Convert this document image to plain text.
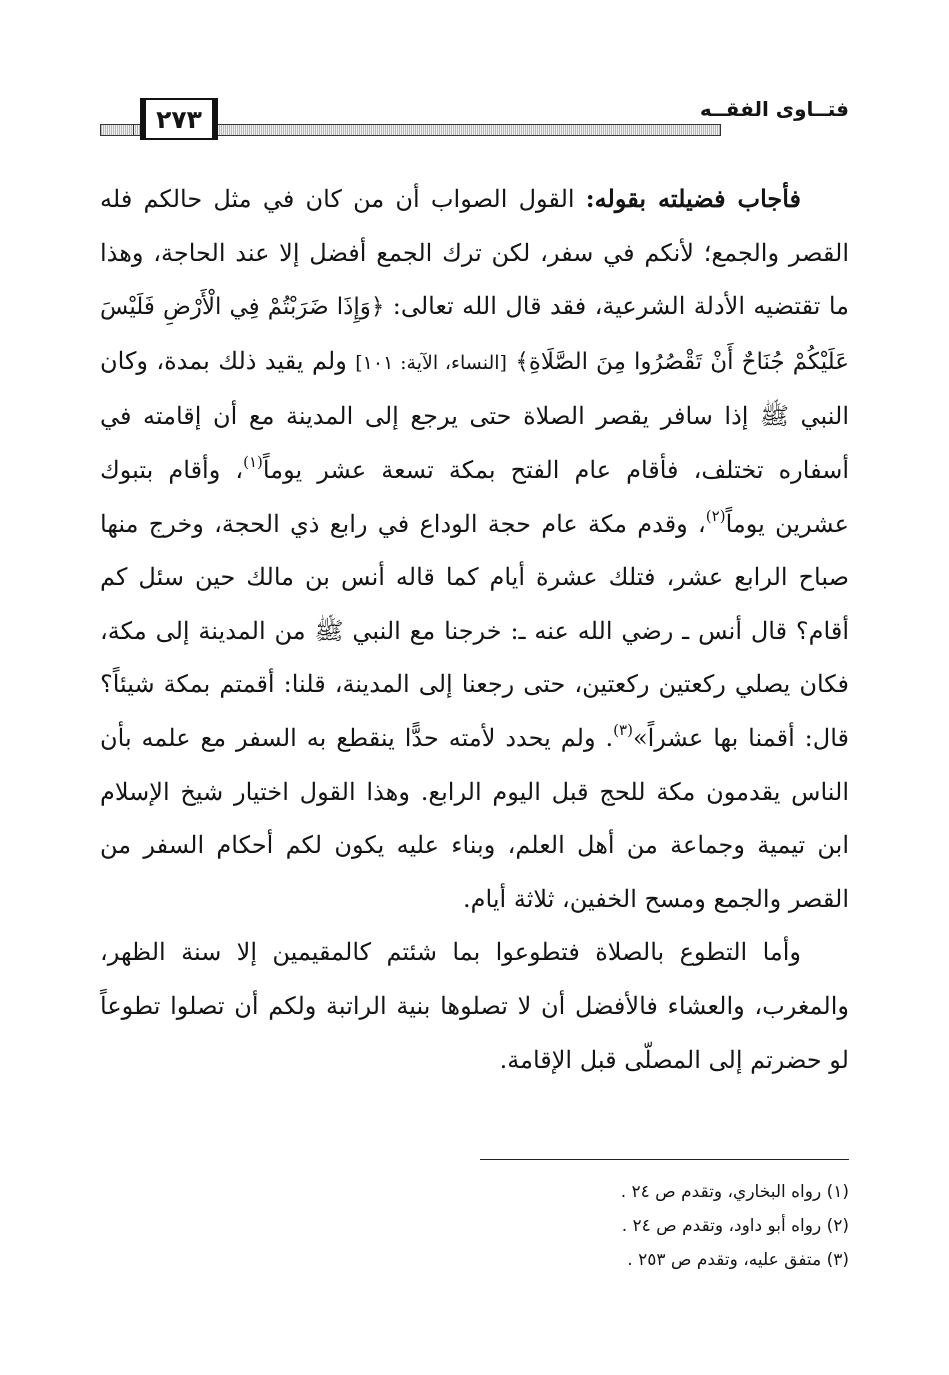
فتــاوى الفقــه
٢٧٣

فأجاب فضيلته بقوله: القول الصواب أن من كان في مثل حالكم فله القصر والجمع؛ لأنكم في سفر، لكن ترك الجمع أفضل إلا عند الحاجة، وهذا ما تقتضيه الأدلة الشرعية، فقد قال الله تعالى: ﴿وَإِذَا ضَرَبْتُمْ فِي الْأَرْضِ فَلَيْسَ عَلَيْكُمْ جُنَاحٌ أَنْ تَقْصُرُوا مِنَ الصَّلَاةِ﴾ [النساء، الآية: ١٠١] ولم يقيد ذلك بمدة، وكان النبي ﷺ إذا سافر يقصر الصلاة حتى يرجع إلى المدينة مع أن إقامته في أسفاره تختلف، فأقام عام الفتح بمكة تسعة عشر يوماً$^{(١)}$، وأقام بتبوك عشرين يوماً$^{(٢)}$، وقدم مكة عام حجة الوداع في رابع ذي الحجة، وخرج منها صباح الرابع عشر، فتلك عشرة أيام كما قاله أنس بن مالك حين سئل كم أقام؟ قال أنس ـ رضي الله عنه ـ: خرجنا مع النبي ﷺ من المدينة إلى مكة، فكان يصلي ركعتين ركعتين، حتى رجعنا إلى المدينة، قلنا: أقمتم بمكة شيئاً؟ قال: أقمنا بها عشراً»$^{(٣)}$. ولم يحدد لأمته حدًّا ينقطع به السفر مع علمه بأن الناس يقدمون مكة للحج قبل اليوم الرابع. وهذا القول اختيار شيخ الإسلام ابن تيمية وجماعة من أهل العلم، وبناء عليه يكون لكم أحكام السفر من القصر والجمع ومسح الخفين، ثلاثة أيام.

وأما التطوع بالصلاة فتطوعوا بما شئتم كالمقيمين إلا سنة الظهر، والمغرب، والعشاء فالأفضل أن لا تصلوها بنية الراتبة ولكم أن تصلوا تطوعاً لو حضرتم إلى المصلّى قبل الإقامة.

(١) رواه البخاري، وتقدم ص ٢٤ .
(٢) رواه أبو داود، وتقدم ص ٢٤ .
(٣) متفق عليه، وتقدم ص ٢٥٣ .
